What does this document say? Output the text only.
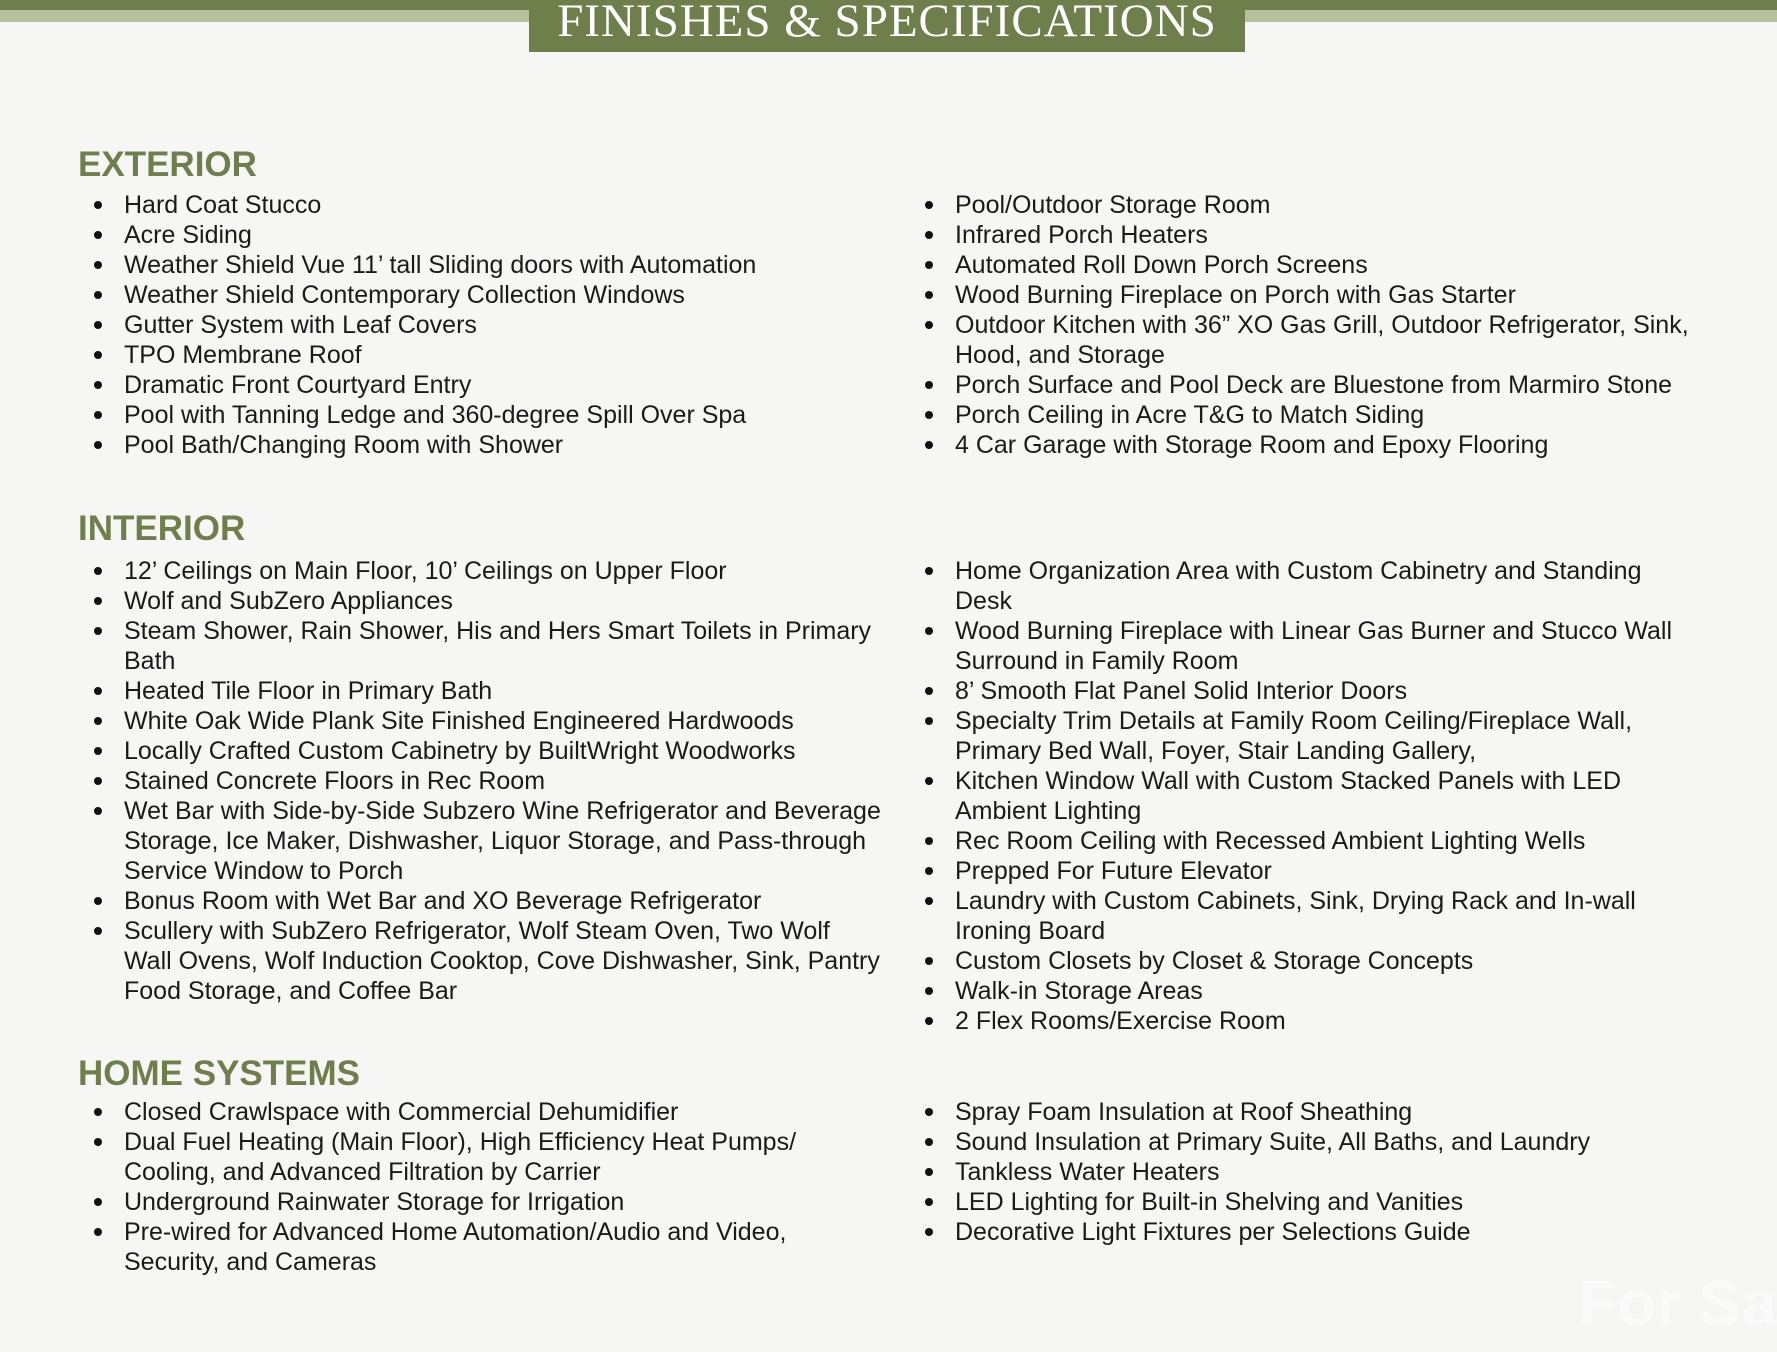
FINISHES & SPECIFICATIONS
EXTERIOR
Hard Coat Stucco
Acre Siding
Weather Shield Vue 11’ tall Sliding doors with Automation
Weather Shield Contemporary Collection Windows
Gutter System with Leaf Covers
TPO Membrane Roof
Dramatic Front Courtyard Entry
Pool with Tanning Ledge and 360-degree Spill Over Spa
Pool Bath/Changing Room with Shower
Pool/Outdoor Storage Room
Infrared Porch Heaters
Automated Roll Down Porch Screens
Wood Burning Fireplace on Porch with Gas Starter
Outdoor Kitchen with 36” XO Gas Grill, Outdoor Refrigerator, Sink, Hood, and Storage
Porch Surface and Pool Deck are Bluestone from Marmiro Stone
Porch Ceiling in Acre T&G to Match Siding
4 Car Garage with Storage Room and Epoxy Flooring
INTERIOR
12’ Ceilings on Main Floor, 10’ Ceilings on Upper Floor
Wolf and SubZero Appliances
Steam Shower, Rain Shower, His and Hers Smart Toilets in Primary Bath
Heated Tile Floor in Primary Bath
White Oak Wide Plank Site Finished Engineered Hardwoods
Locally Crafted Custom Cabinetry by BuiltWright Woodworks
Stained Concrete Floors in Rec Room
Wet Bar with Side-by-Side Subzero Wine Refrigerator and Beverage Storage, Ice Maker, Dishwasher, Liquor Storage, and Pass-through Service Window to Porch
Bonus Room with Wet Bar and XO Beverage Refrigerator
Scullery with SubZero Refrigerator, Wolf Steam Oven, Two Wolf Wall Ovens, Wolf Induction Cooktop, Cove Dishwasher, Sink, Pantry Food Storage, and Coffee Bar
Home Organization Area with Custom Cabinetry and Standing Desk
Wood Burning Fireplace with Linear Gas Burner and Stucco Wall Surround in Family Room
8’ Smooth Flat Panel Solid Interior Doors
Specialty Trim Details at Family Room Ceiling/Fireplace Wall, Primary Bed Wall, Foyer, Stair Landing Gallery,
Kitchen Window Wall with Custom Stacked Panels with LED Ambient Lighting
Rec Room Ceiling with Recessed Ambient Lighting Wells
Prepped For Future Elevator
Laundry with Custom Cabinets, Sink, Drying Rack and In-wall Ironing Board
Custom Closets by Closet & Storage Concepts
Walk-in Storage Areas
2 Flex Rooms/Exercise Room
HOME SYSTEMS
Closed Crawlspace with Commercial Dehumidifier
Dual Fuel Heating (Main Floor), High Efficiency Heat Pumps/ Cooling, and Advanced Filtration by Carrier
Underground Rainwater Storage for Irrigation
Pre-wired for Advanced Home Automation/Audio and Video, Security, and Cameras
Spray Foam Insulation at Roof Sheathing
Sound Insulation at Primary Suite, All Baths, and Laundry
Tankless Water Heaters
LED Lighting for Built-in Shelving and Vanities
Decorative Light Fixtures per Selections Guide
For Sa
